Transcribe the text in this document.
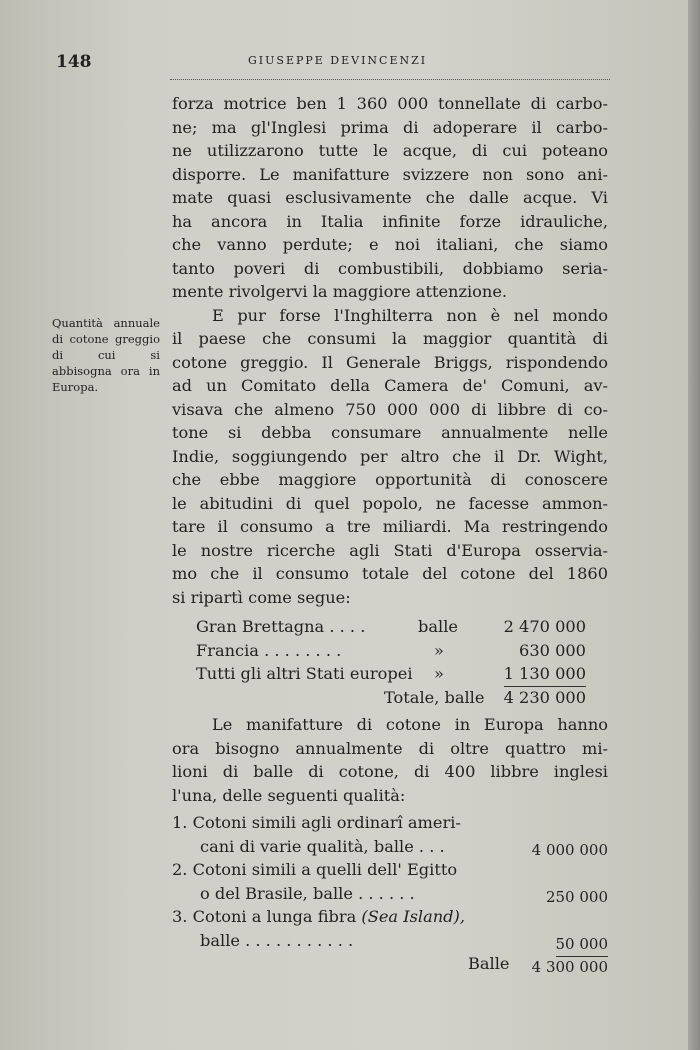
148	GIUSEPPE DEVINCENZI
Quantità annuale di cotone greggio di cui si abbisogna ora in Europa.
forza motrice ben 1 360 000 tonnellate di carbo-
ne; ma gl'Inglesi prima di adoperare il carbo-
ne utilizzarono tutte le acque, di cui poteano
disporre. Le manifatture svizzere non sono ani-
mate quasi esclusivamente che dalle acque. Vi
ha ancora in Italia infinite forze idrauliche,
che vanno perdute; e noi italiani, che siamo
tanto poveri di combustibili, dobbiamo seria-
mente rivolgervi la maggiore attenzione.
E pur forse l'Inghilterra non è nel mondo
il paese che consumi la maggior quantità di
cotone greggio. Il Generale Briggs, rispondendo
ad un Comitato della Camera de' Comuni, av-
visava che almeno 750 000 000 di libbre di co-
tone si debba consumare annualmente nelle
Indie, soggiungendo per altro che il Dr. Wight,
che ebbe maggiore opportunità di conoscere
le abitudini di quel popolo, ne facesse ammon-
tare il consumo a tre miliardi. Ma restringendo
le nostre ricerche agli Stati d'Europa osservia-
mo che il consumo totale del cotone del 1860
si ripartì come segue:
Gran Brettagna . . . .	balle	2 470 000
Francia . . . . . . . .	»	630 000
Tutti gli altri Stati europei »	1 130 000
Totale, balle 4 230 000
Le manifatture di cotone in Europa hanno
ora bisogno annualmente di oltre quattro mi-
lioni di balle di cotone, di 400 libbre inglesi
l'una, delle seguenti qualità:
1. Cotoni simili agli ordinarî ameri-
cani di varie qualità, balle . . .	4 000 000
2. Cotoni simili a quelli dell' Egitto
o del Brasile, balle . . . . . .	250 000
3. Cotoni a lunga fibra (Sea Island),
balle . . . . . . . . . . .	50 000
Balle 4 300 000
